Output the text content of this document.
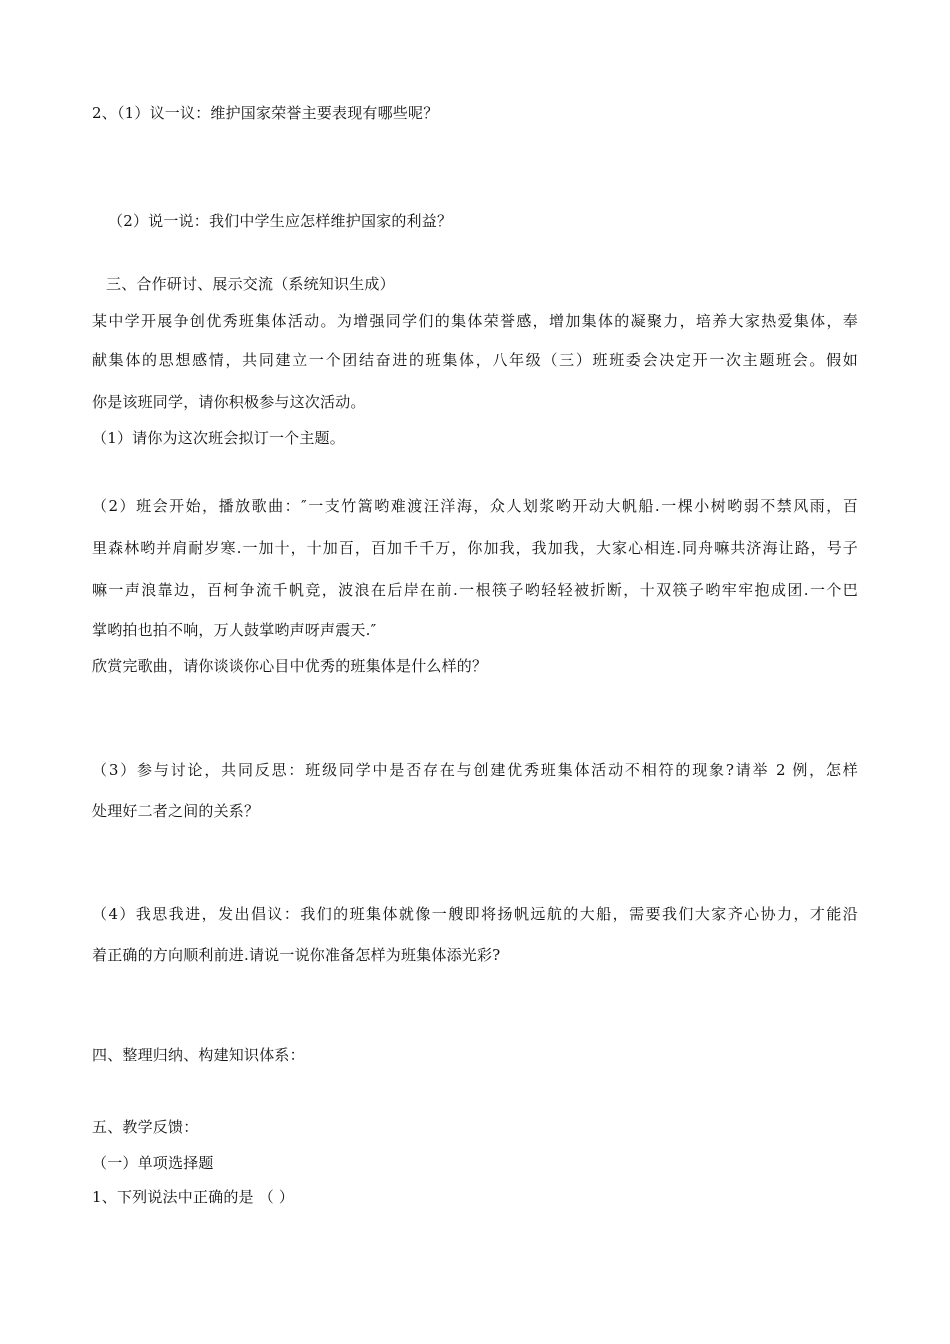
2、（1）议一议：维护国家荣誉主要表现有哪些呢？
（2）说一说：我们中学生应怎样维护国家的利益？
三、合作研讨、展示交流（系统知识生成）
某中学开展争创优秀班集体活动。为增强同学们的集体荣誉感，增加集体的凝聚力，培养大家热爱集体，奉
献集体的思想感情，共同建立一个团结奋进的班集体，八年级（三）班班委会决定开一次主题班会。假如
你是该班同学，请你积极参与这次活动。
（1）请你为这次班会拟订一个主题。
（2）班会开始，播放歌曲：″一支竹篙哟难渡汪洋海，众人划浆哟开动大帆船.一棵小树哟弱不禁风雨，百
里森林哟并肩耐岁寒.一加十，十加百，百加千千万，你加我，我加我，大家心相连.同舟嘛共济海让路，号子
嘛一声浪靠边，百柯争流千帆竞，波浪在后岸在前.一根筷子哟轻轻被折断，十双筷子哟牢牢抱成团.一个巴
掌哟拍也拍不响，万人鼓掌哟声呀声震天.″
欣赏完歌曲，请你谈谈你心目中优秀的班集体是什么样的？
（3）参与讨论，共同反思：班级同学中是否存在与创建优秀班集体活动不相符的现象?请举 2 例，怎样
处理好二者之间的关系？
（4）我思我进，发出倡议：我们的班集体就像一艘即将扬帆远航的大船，需要我们大家齐心协力，才能沿
着正确的方向顺利前进.请说一说你准备怎样为班集体添光彩?
四、整理归纳、构建知识体系：
五、教学反馈：
（一）单项选择题
1、下列说法中正确的是 （ ）
